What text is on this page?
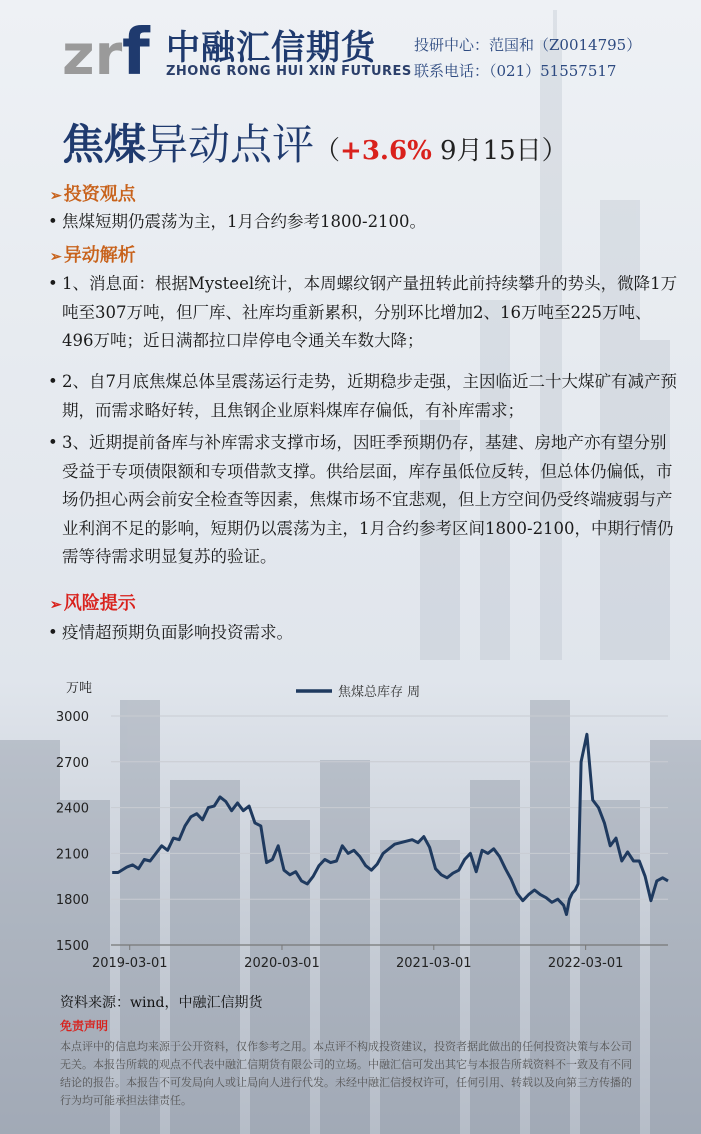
zr f 中融汇信期货
ZHONG RONG HUI XIN FUTURES
投研中心：范国和（Z0014795）
联系电话：（021）51557517
焦煤异动点评（+3.6% 9月15日）
➢ 投资观点
• 焦煤短期仍震荡为主，1月合约参考1800-2100。
➢ 异动解析
• 1、消息面：根据Mysteel统计，本周螺纹钢产量扭转此前持续攀升的势头，微降1万吨至307万吨，但厂库、社库均重新累积，分别环比增加2、16万吨至225万吨、496万吨；近日满都拉口岸停电令通关车数大降；
• 2、自7月底焦煤总体呈震荡运行走势，近期稳步走强，主因临近二十大煤矿有减产预期，而需求略好转，且焦钢企业原料煤库存偏低，有补库需求；
• 3、近期提前备库与补库需求支撑市场，因旺季预期仍存，基建、房地产亦有望分别受益于专项债限额和专项借款支撑。供给层面，库存虽低位反转，但总体仍偏低，市场仍担心两会前安全检查等因素，焦煤市场不宜悲观，但上方空间仍受终端疲弱与产业利润不足的影响，短期仍以震荡为主，1月合约参考区间1800-2100，中期行情仍需等待需求明显复苏的验证。
➢ 风险提示
• 疫情超预期负面影响投资需求。
万吨	焦煤总库存 周
1500
1800
2100
2400
2700
3000
2019-03-01	2020-03-01	2021-03-01	2022-03-01
资料来源：wind，中融汇信期货
免责声明
本点评中的信息均来源于公开资料，仅作参考之用。本点评不构成投资建议，投资者据此做出的任何投资决策与本公司无关。本报告所载的观点不代表中融汇信期货有限公司的立场。中融汇信可发出其它与本报告所载资料不一致及有不同结论的报告。本报告不可发局向人或让局向人进行代发。未经中融汇信授权许可，任何引用、转载以及向第三方传播的行为均可能承担法律责任。
